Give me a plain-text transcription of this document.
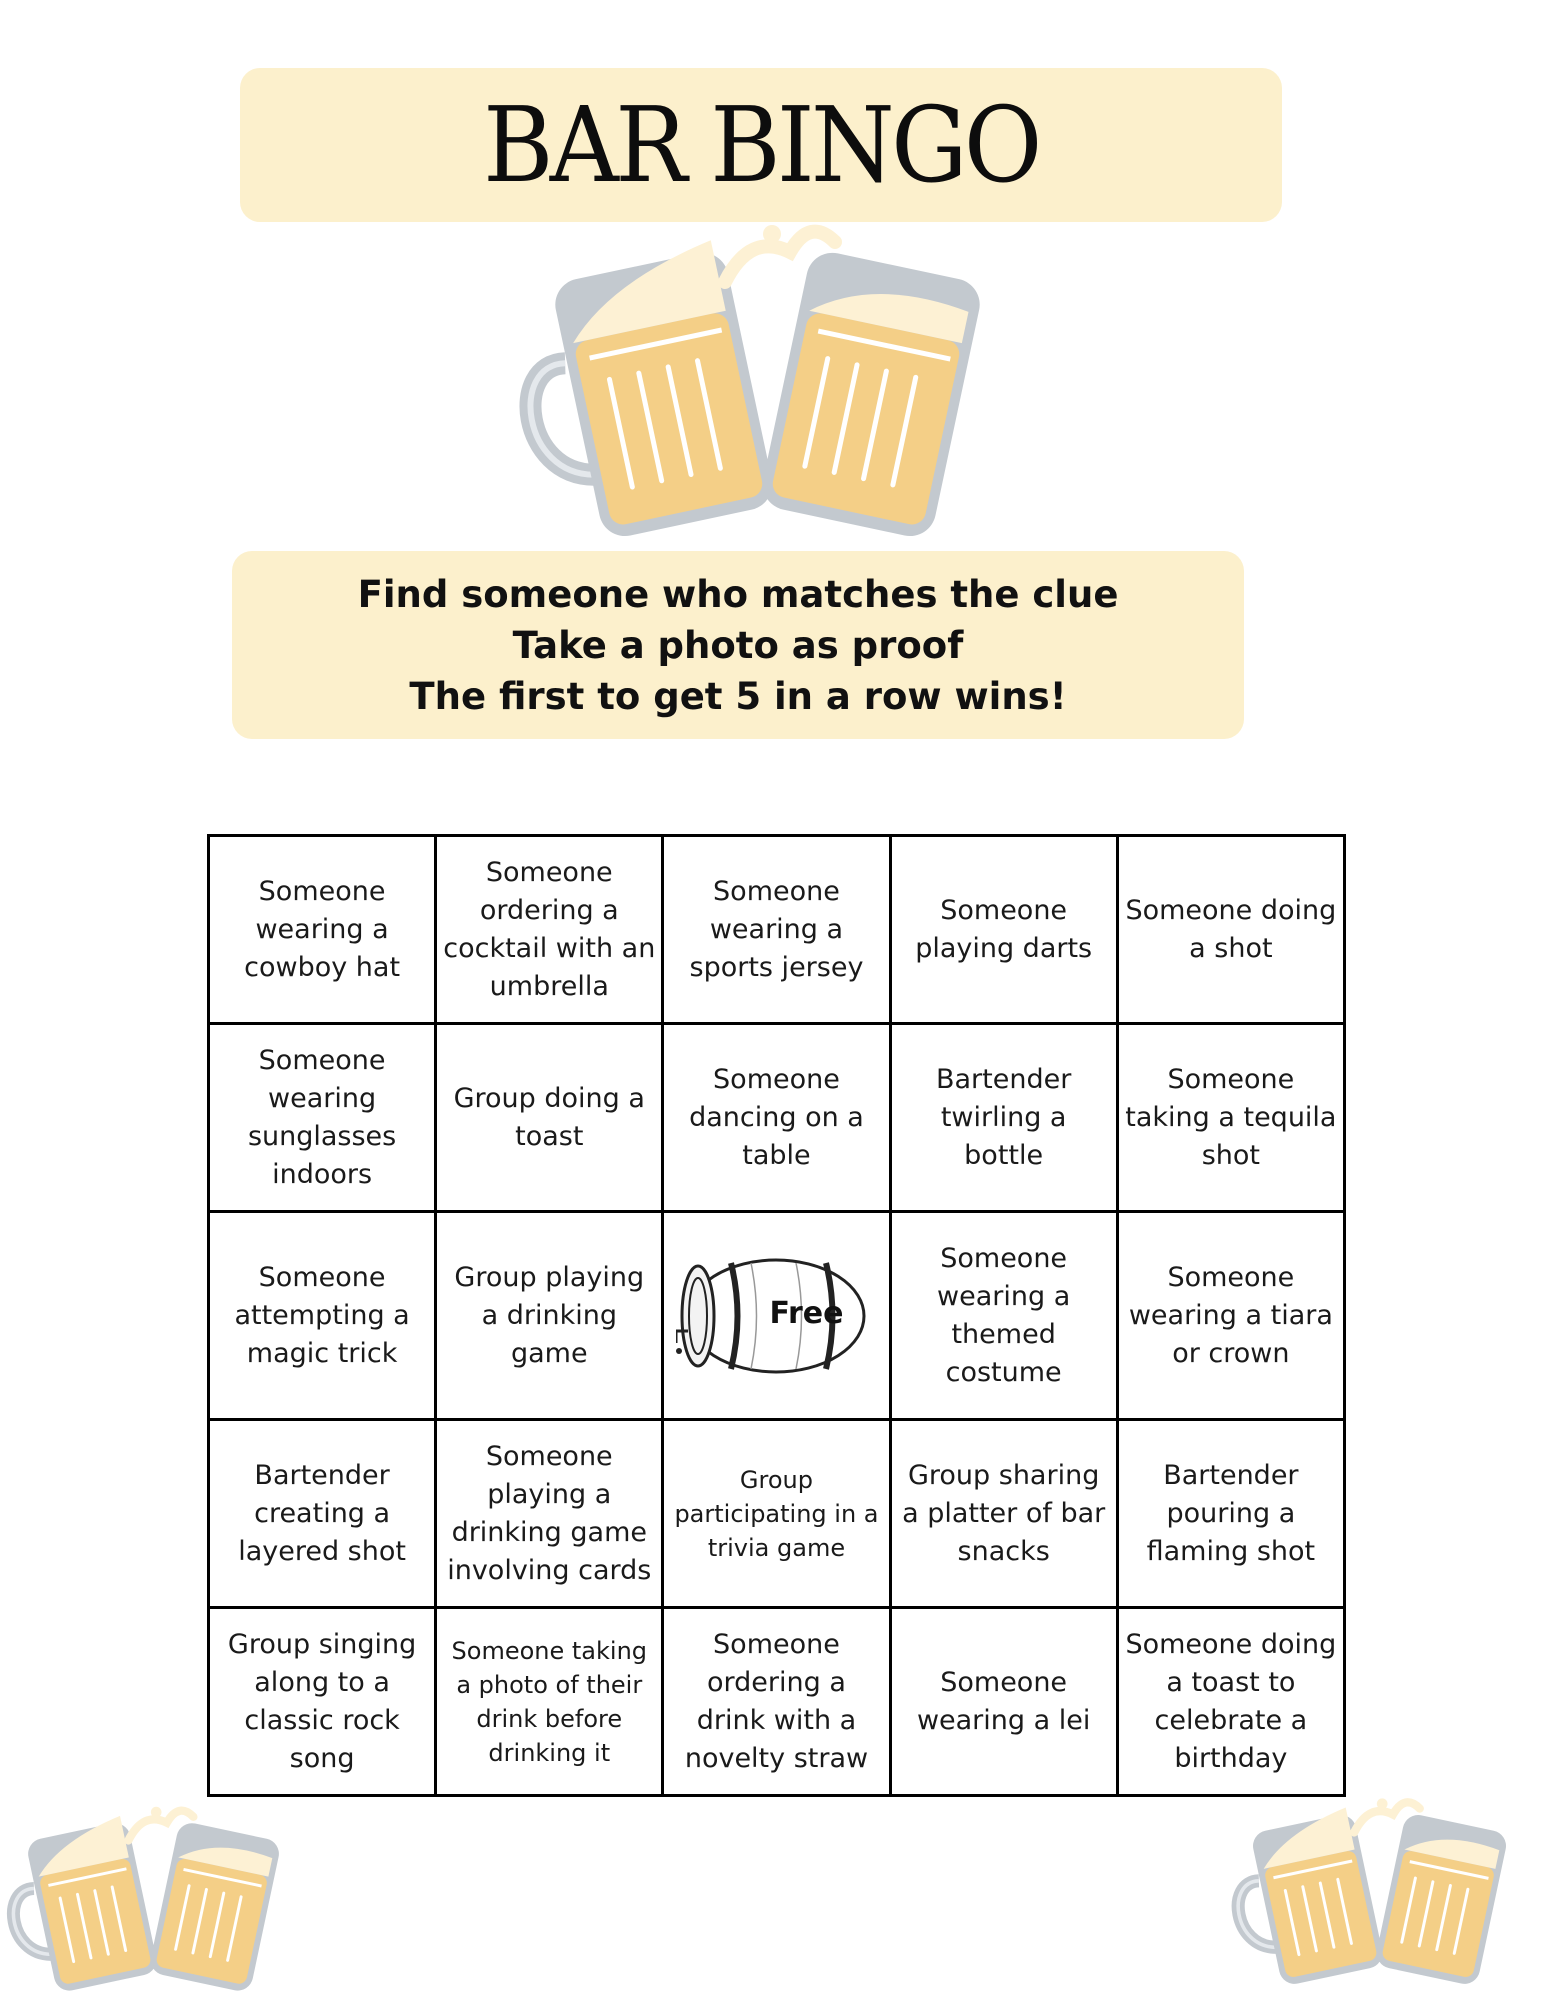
BAR BINGO
Find someone who matches the clue
Take a photo as proof
The first to get 5 in a row wins!
Someone wearing a cowboy hat	Someone ordering a cocktail with an umbrella	Someone wearing a sports jersey	Someone playing darts	Someone doing a shot
Someone wearing sunglasses indoors	Group doing a toast	Someone dancing on a table	Bartender twirling a bottle	Someone taking a tequila shot
Someone attempting a magic trick	Group playing a drinking game	Free	Someone wearing a themed costume	Someone wearing a tiara or crown
Bartender creating a layered shot	Someone playing a drinking game involving cards	Group participating in a trivia game	Group sharing a platter of bar snacks	Bartender pouring a flaming shot
Group singing along to a classic rock song	Someone taking a photo of their drink before drinking it	Someone ordering a drink with a novelty straw	Someone wearing a lei	Someone doing a toast to celebrate a birthday
